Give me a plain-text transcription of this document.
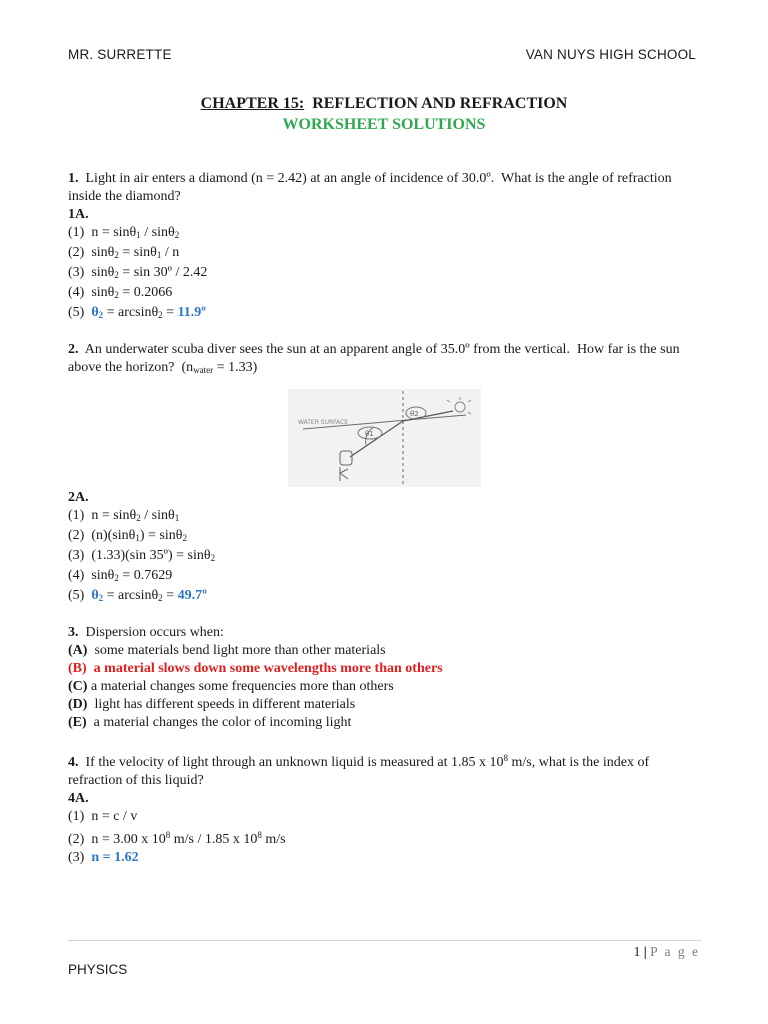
MR. SURRETTE	VAN NUYS HIGH SCHOOL
CHAPTER 15:  REFLECTION AND REFRACTION
WORKSHEET SOLUTIONS

1.  Light in air enters a diamond (n = 2.42) at an angle of incidence of 30.0º.  What is the angle of refraction inside the diamond?

1A.

(1)  n = sinθ$_1$ / sinθ$_2$

(2)  sinθ$_2$ = sinθ$_1$ / n

(3)  sinθ$_2$ = sin 30º / 2.42

(4)  sinθ$_2$ = 0.2066

(5)  $\theta_2 = \arcsin\theta_2$ = 11.9º

2.  An underwater scuba diver sees the sun at an apparent angle of 35.0º from the vertical.  How far is the sun above the horizon?  $(n_{water} = 1.33)$

WATER SURFACE
θ1
θ2

2A.

(1)  n = sinθ$_2$ / sinθ$_1$

(2)  (n)(sinθ$_1$) = sinθ$_2$

(3)  (1.33)(sin 35º) = sinθ$_2$

(4)  sinθ$_2$ = 0.7629

(5)  $\theta_2 = \arcsin\theta_2$ = 49.7º

3.  Dispersion occurs when:

(A)  some materials bend light more than other materials

(B)  a material slows down some wavelengths more than others

(C) a material changes some frequencies more than others

(D)  light has different speeds in different materials

(E)  a material changes the color of incoming light

4.  If the velocity of light through an unknown liquid is measured at 1.85 x $10^8$ m/s, what is the index of refraction of this liquid?

4A.

(1)  n = c / v

(2)  n = 3.00 x $10^8$ m/s / 1.85 x $10^8$ m/s

(3)  n = 1.62

1 | P a g e
PHYSICS
